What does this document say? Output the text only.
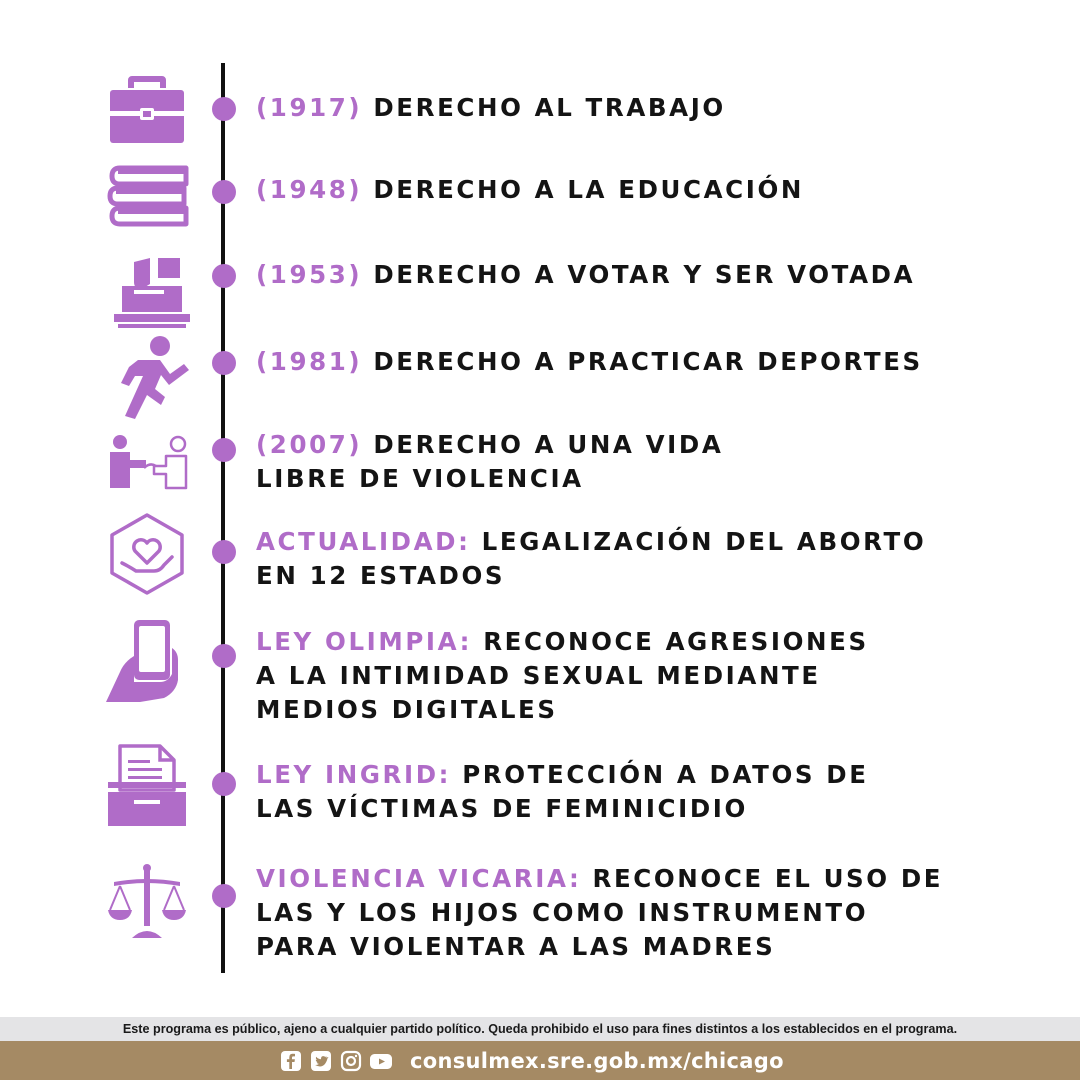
(1917) DERECHO AL TRABAJO
(1948) DERECHO A LA EDUCACIÓN
(1953) DERECHO A VOTAR Y SER VOTADA
(1981) DERECHO A PRACTICAR DEPORTES
(2007) DERECHO A UNA VIDA
LIBRE DE VIOLENCIA
ACTUALIDAD: LEGALIZACIÓN DEL ABORTO
EN 12 ESTADOS
LEY OLIMPIA: RECONOCE AGRESIONES
A LA INTIMIDAD SEXUAL MEDIANTE
MEDIOS DIGITALES
LEY INGRID: PROTECCIÓN A DATOS DE
LAS VÍCTIMAS DE FEMINICIDIO
VIOLENCIA VICARIA: RECONOCE EL USO DE
LAS Y LOS HIJOS COMO INSTRUMENTO
PARA VIOLENTAR A LAS MADRES
Este programa es público, ajeno a cualquier partido político. Queda prohibido el uso para fines distintos a los establecidos en el programa.
consulmex.sre.gob.mx/chicago
